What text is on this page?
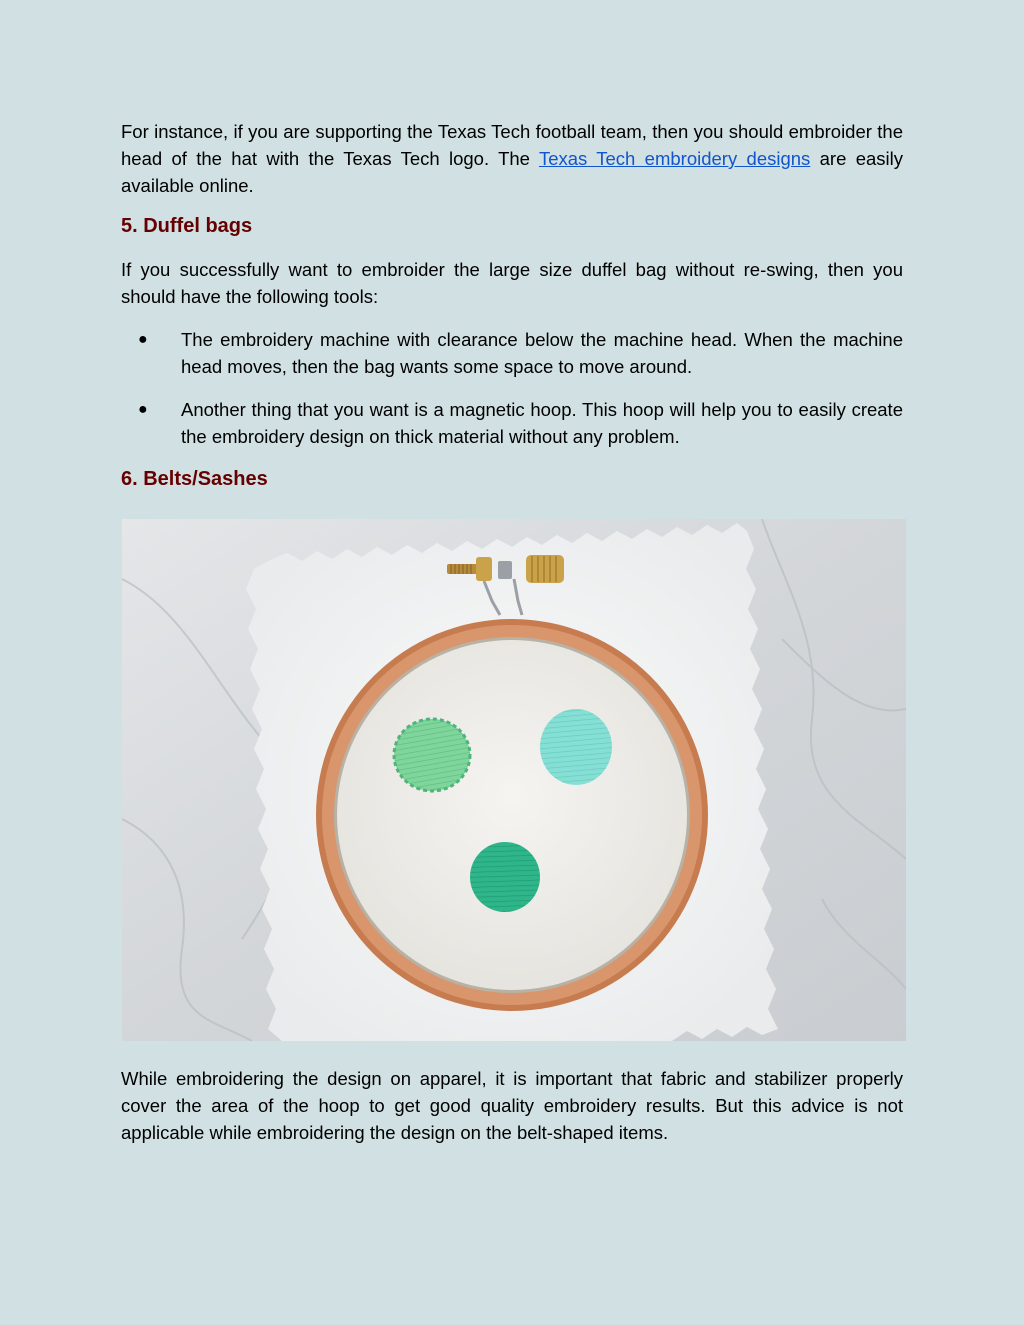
For instance, if you are supporting the Texas Tech football team, then you should embroider the head of the hat with the Texas Tech logo. The Texas Tech embroidery designs are easily available online.

5. Duffel bags

If you successfully want to embroider the large size duffel bag without re-swing, then you should have the following tools:

● The embroidery machine with clearance below the machine head. When the machine head moves, then the bag wants some space to move around.
● Another thing that you want is a magnetic hoop. This hoop will help you to easily create the embroidery design on thick material without any problem.
6. Belts/Sashes

While embroidering the design on apparel, it is important that fabric and stabilizer properly cover the area of the hoop to get good quality embroidery results. But this advice is not applicable while embroidering the design on the belt-shaped items.
